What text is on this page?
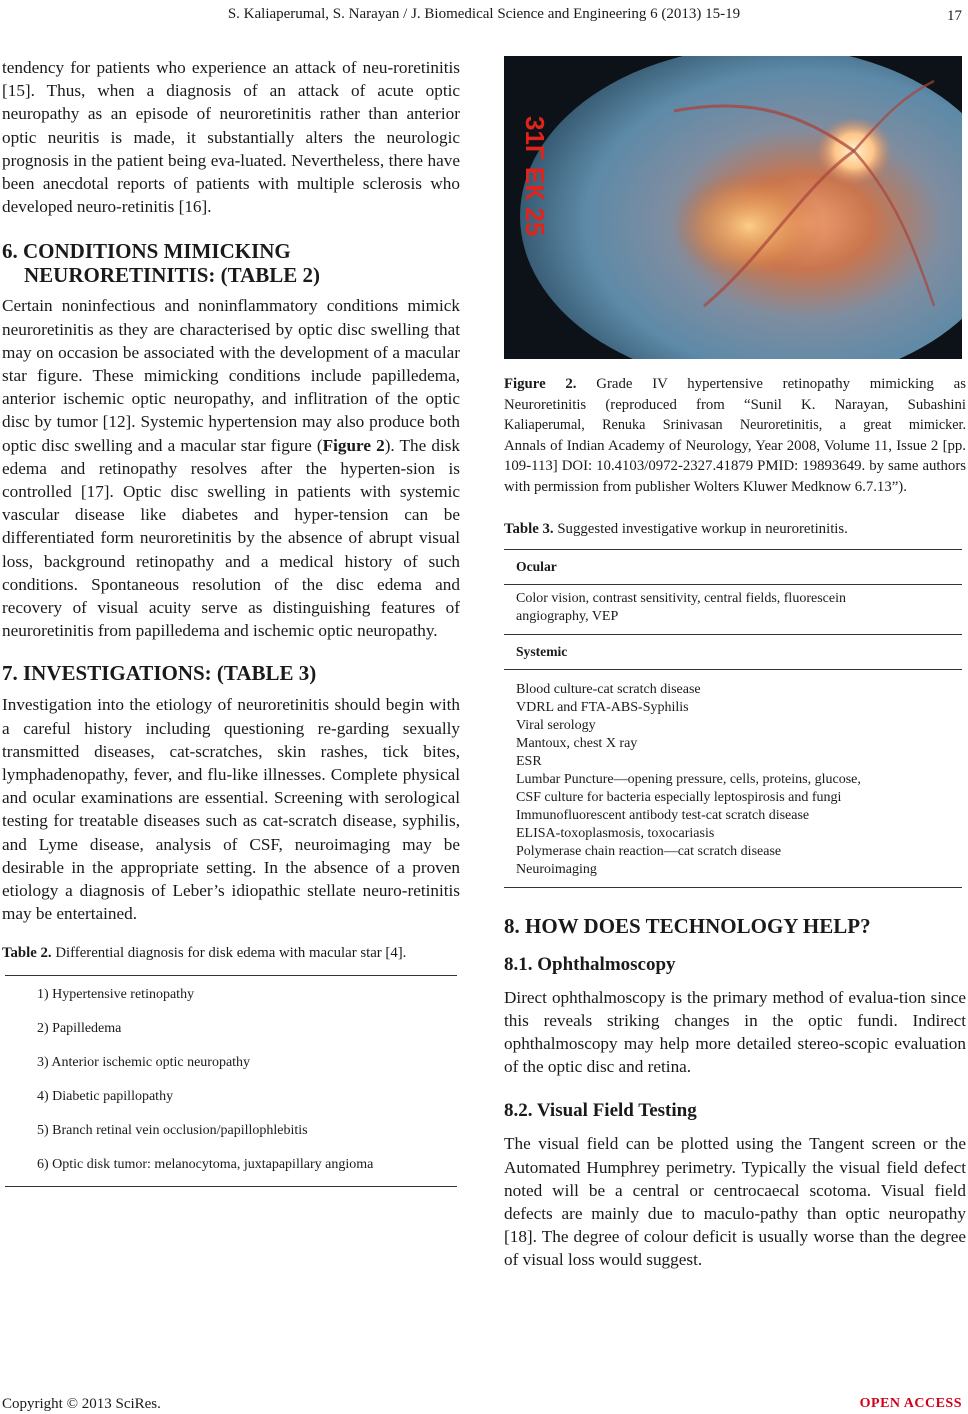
S. Kaliaperumal, S. Narayan / J. Biomedical Science and Engineering 6 (2013) 15-19	17

tendency for patients who experience an attack of neu-roretinitis [15]. Thus, when a diagnosis of an attack of acute optic neuropathy as an episode of neuroretinitis rather than anterior optic neuritis is made, it substantially alters the neurologic prognosis in the patient being eva-luated. Nevertheless, there have been anecdotal reports of patients with multiple sclerosis who developed neuro-retinitis [16].

6. CONDITIONS MIMICKING
NEURORETINITIS: (TABLE 2)

Certain noninfectious and noninflammatory conditions mimick neuroretinitis as they are characterised by optic disc swelling that may on occasion be associated with the development of a macular star figure. These mimicking conditions include papilledema, anterior ischemic optic neuropathy, and inflitration of the optic disc by tumor [12]. Systemic hypertension may also produce both optic disc swelling and a macular star figure (Figure 2). The disk edema and retinopathy resolves after the hyperten-sion is controlled [17]. Optic disc swelling in patients with systemic vascular disease like diabetes and hyper-tension can be differentiated form neuroretinitis by the absence of abrupt visual loss, background retinopathy and a medical history of such conditions. Spontaneous resolution of the disc edema and recovery of visual acuity serve as distinguishing features of neuroretinitis from papilledema and ischemic optic neuropathy.

7. INVESTIGATIONS: (TABLE 3)

Investigation into the etiology of neuroretinitis should begin with a careful history including questioning re-garding sexually transmitted diseases, cat-scratches, skin rashes, tick bites, lymphadenopathy, fever, and flu-like illnesses. Complete physical and ocular examinations are essential. Screening with serological testing for treatable diseases such as cat-scratch disease, syphilis, and Lyme disease, analysis of CSF, neuroimaging may be desirable in the appropriate setting. In the absence of a proven etiology a diagnosis of Leber’s idiopathic stellate neuro-retinitis may be entertained.

Table 2. Differential diagnosis for disk edema with macular star [4].

1) Hypertensive retinopathy
2) Papilledema
3) Anterior ischemic optic neuropathy
4) Diabetic papillopathy
5) Branch retinal vein occlusion/papillophlebitis
6) Optic disk tumor: melanocytoma, juxtapapillary angioma
31Г ЕК 25
Figure 2. Grade IV hypertensive retinopathy mimicking as
Neuroretinitis (reproduced from “Sunil K. Narayan, Subashini
Kaliaperumal, Renuka Srinivasan Neuroretinitis, a great mimicker.
Annals of Indian Academy of Neurology, Year 2008, Volume 11, Issue 2 [pp. 109-113] DOI: 10.4103/0972-2327.41879 PMID: 19893649. by same authors with permission from publisher Wolters Kluwer Medknow 6.7.13”).

Table 3. Suggested investigative workup in neuroretinitis.

Ocular
Color vision, contrast sensitivity, central fields, fluorescein angiography, VEP
Systemic
Blood culture-cat scratch disease
VDRL and FTA-ABS-Syphilis
Viral serology
Mantoux, chest X ray
ESR
Lumbar Puncture—opening pressure, cells, proteins, glucose,
CSF culture for bacteria especially leptospirosis and fungi
Immunofluorescent antibody test-cat scratch disease
ELISA-toxoplasmosis, toxocariasis
Polymerase chain reaction—cat scratch disease
Neuroimaging
8. HOW DOES TECHNOLOGY HELP?
8.1. Ophthalmoscopy

Direct ophthalmoscopy is the primary method of evalua-tion since this reveals striking changes in the optic fundi. Indirect ophthalmoscopy may help more detailed stereo-scopic evaluation of the optic disc and retina.

8.2. Visual Field Testing

The visual field can be plotted using the Tangent screen or the Automated Humphrey perimetry. Typically the visual field defect noted will be a central or centrocaecal scotoma. Visual field defects are mainly due to maculo-pathy than optic neuropathy [18]. The degree of colour deficit is usually worse than the degree of visual loss would suggest.

Copyright © 2013 SciRes.	OPEN ACCESS
